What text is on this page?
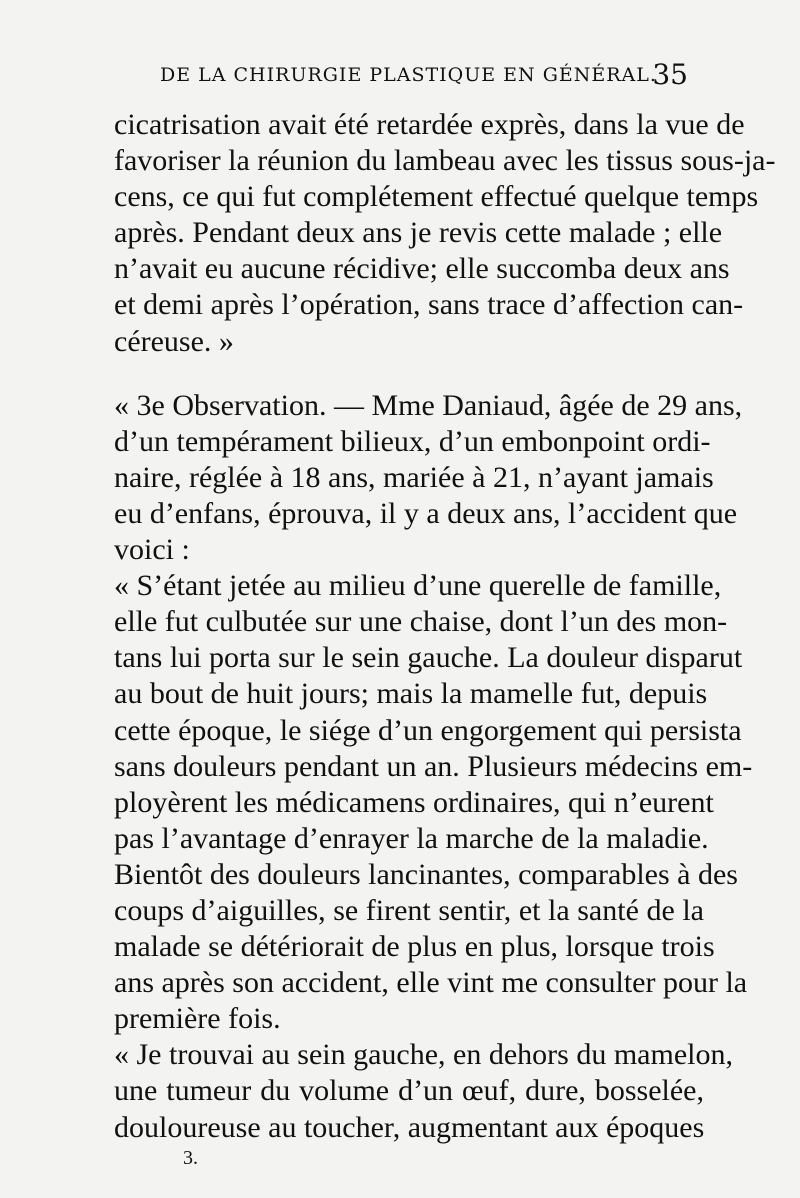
DE LA CHIRURGIE PLASTIQUE EN GÉNÉRAL.
35
cicatrisation avait été retardée exprès, dans la vue de
favoriser la réunion du lambeau avec les tissus sous-ja-
cens, ce qui fut complétement effectué quelque temps
après. Pendant deux ans je revis cette malade ; elle
n’avait eu aucune récidive; elle succomba deux ans
et demi après l’opération, sans trace d’affection can-
céreuse. »
« 3e Observation. — Mme Daniaud, âgée de 29 ans,
d’un tempérament bilieux, d’un embonpoint ordi-
naire, réglée à 18 ans, mariée à 21, n’ayant jamais
eu d’enfans, éprouva, il y a deux ans, l’accident que
voici :
« S’étant jetée au milieu d’une querelle de famille,
elle fut culbutée sur une chaise, dont l’un des mon-
tans lui porta sur le sein gauche. La douleur disparut
au bout de huit jours; mais la mamelle fut, depuis
cette époque, le siége d’un engorgement qui persista
sans douleurs pendant un an. Plusieurs médecins em-
ployèrent les médicamens ordinaires, qui n’eurent
pas l’avantage d’enrayer la marche de la maladie.
Bientôt des douleurs lancinantes, comparables à des
coups d’aiguilles, se firent sentir, et la santé de la
malade se détériorait de plus en plus, lorsque trois
ans après son accident, elle vint me consulter pour la
première fois.
« Je trouvai au sein gauche, en dehors du mamelon,
une tumeur du volume d’un œuf, dure, bosselée,
douloureuse au toucher, augmentant aux époques
3.
